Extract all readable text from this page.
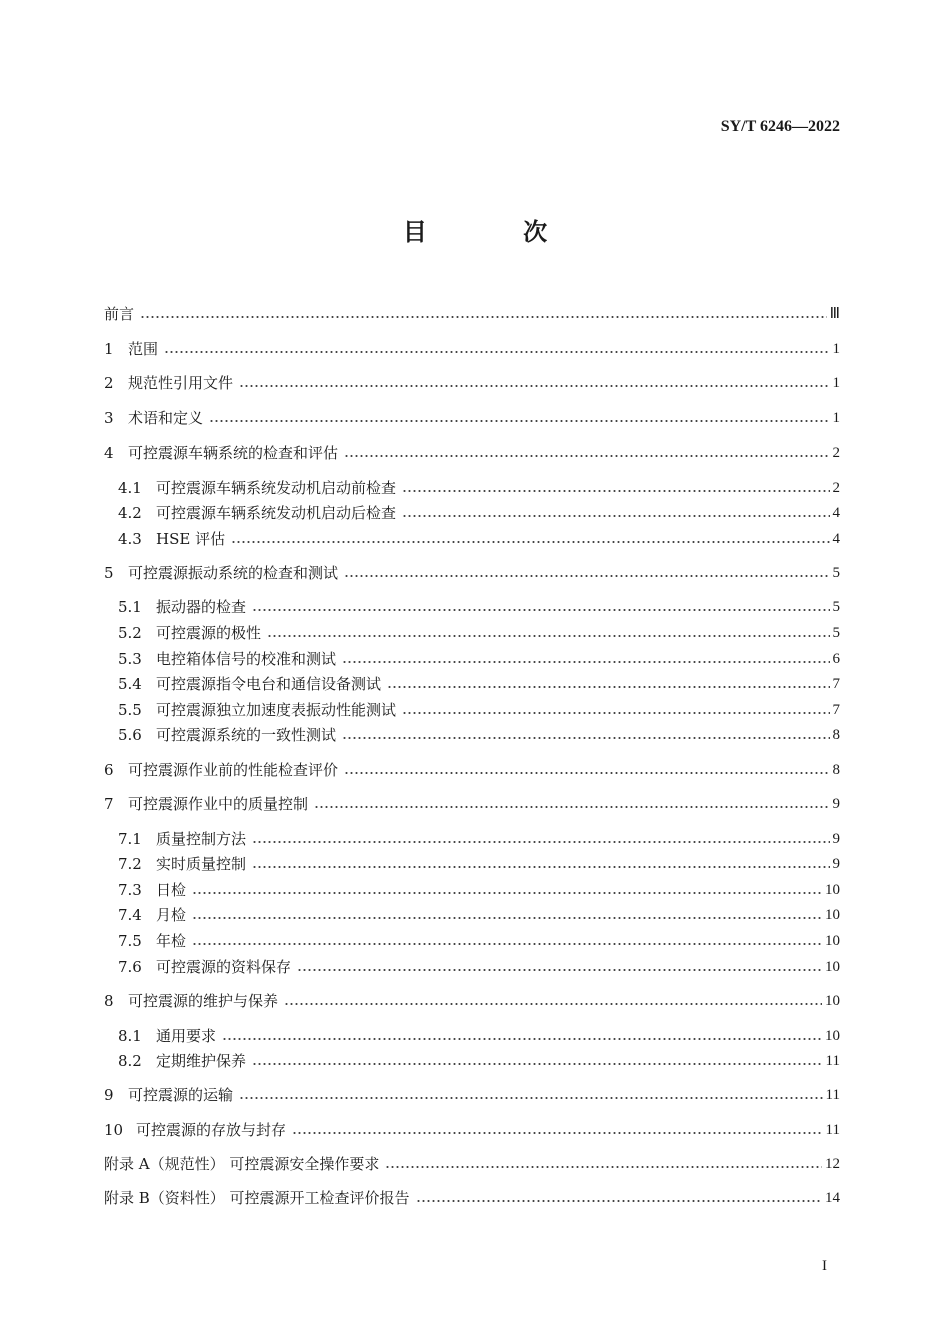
SY/T 6246—2022
目 次
前言	Ⅲ
1 范围	1
2 规范性引用文件	1
3 术语和定义	1
4 可控震源车辆系统的检查和评估	2
4.1 可控震源车辆系统发动机启动前检查	2
4.2 可控震源车辆系统发动机启动后检查	4
4.3 HSE 评估	4
5 可控震源振动系统的检查和测试	5
5.1 振动器的检查	5
5.2 可控震源的极性	5
5.3 电控箱体信号的校准和测试	6
5.4 可控震源指令电台和通信设备测试	7
5.5 可控震源独立加速度表振动性能测试	7
5.6 可控震源系统的一致性测试	8
6 可控震源作业前的性能检查评价	8
7 可控震源作业中的质量控制	9
7.1 质量控制方法	9
7.2 实时质量控制	9
7.3 日检	10
7.4 月检	10
7.5 年检	10
7.6 可控震源的资料保存	10
8 可控震源的维护与保养	10
8.1 通用要求	10
8.2 定期维护保养	11
9 可控震源的运输	11
10 可控震源的存放与封存	11
附录 A（规范性） 可控震源安全操作要求	12
附录 B（资料性） 可控震源开工检查评价报告	14
I
